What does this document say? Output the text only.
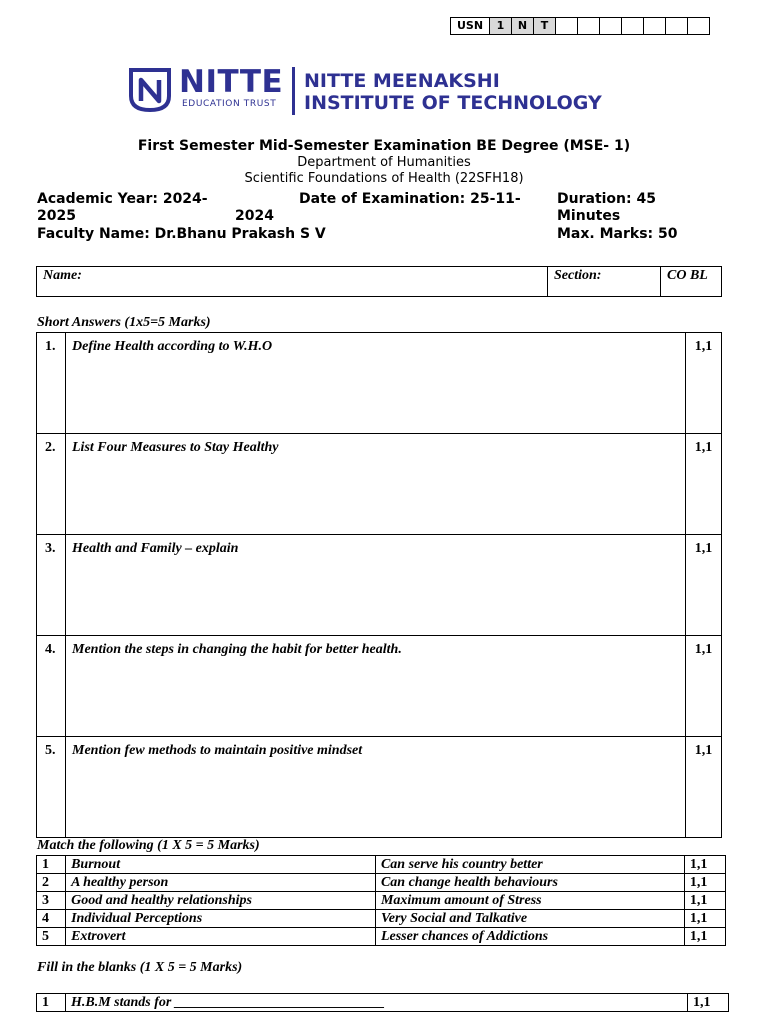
USN	1	N	T							
NITTE
EDUCATION TRUST
NITTE MEENAKSHI
INSTITUTE OF TECHNOLOGY
First Semester Mid-Semester Examination BE Degree (MSE- 1)
Department of Humanities
Scientific Foundations of Health (22SFH18)
Academic Year: 2024-
2025
Date of Examination: 25-11-
2024
Duration: 45
Minutes
Faculty Name: Dr.Bhanu Prakash S V	Max. Marks: 50
Name:	Section:	CO BL
Short Answers (1x5=5 Marks)
1.	Define Health according to W.H.O	1,1
2.	List Four Measures to Stay Healthy	1,1
3.	Health and Family – explain	1,1
4.	Mention the steps in changing the habit for better health.	1,1
5.	Mention few methods to maintain positive mindset	1,1
Match the following (1 X 5 = 5 Marks)
1	Burnout	Can serve his country better	1,1
2	A healthy person	Can change health behaviours	1,1
3	Good and healthy relationships	Maximum amount of Stress	1,1
4	Individual Perceptions	Very Social and Talkative	1,1
5	Extrovert	Lesser chances of Addictions	1,1
Fill in the blanks (1 X 5 = 5 Marks)
1	H.B.M stands for ______________________________	1,1
